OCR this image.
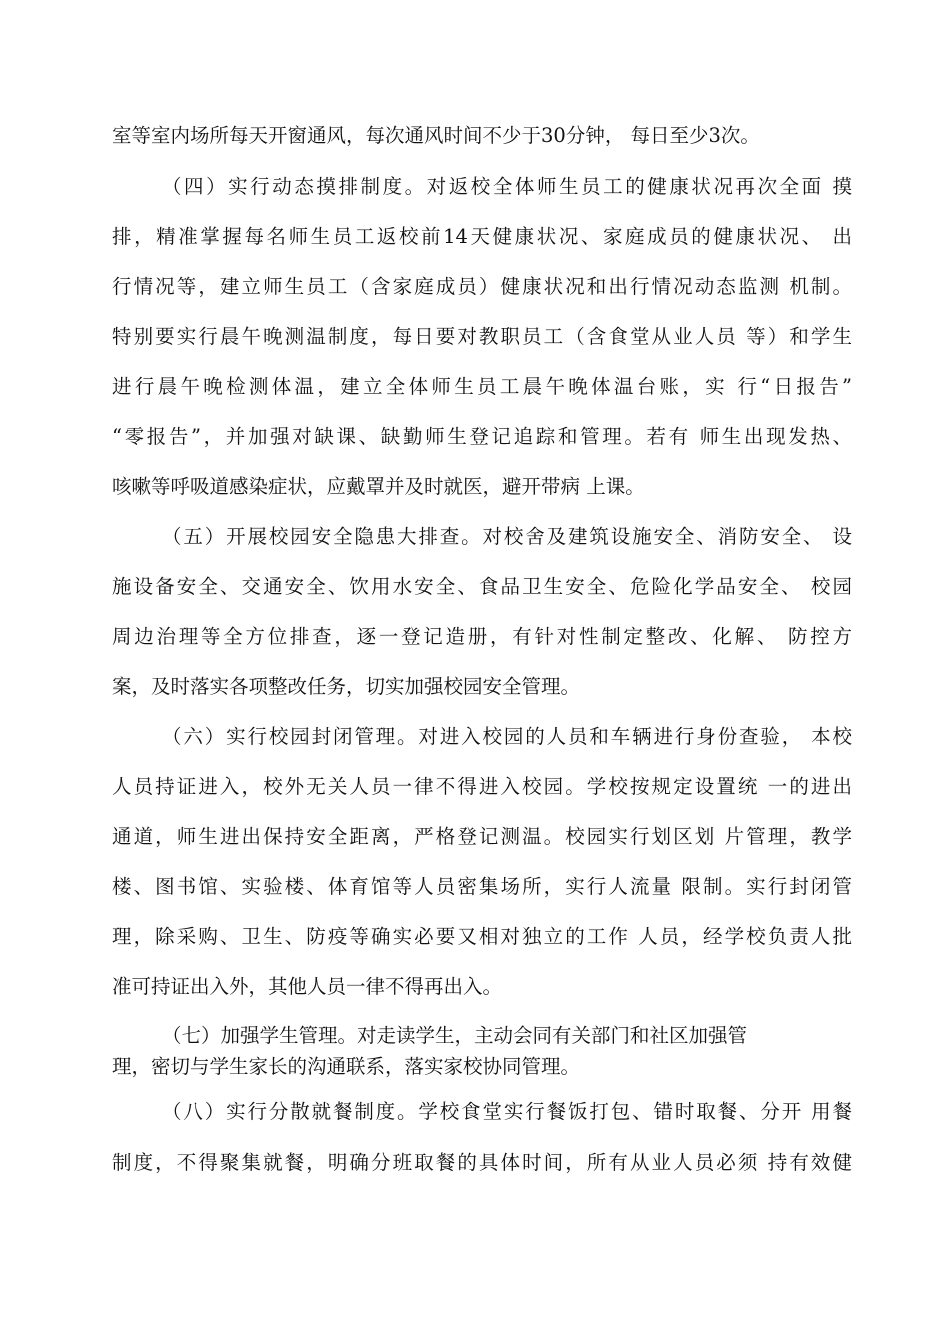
室等室内场所每天开窗通风，每次通风时间不少于30分钟， 每日至少3次。
（四）实行动态摸排制度。对返校全体师生员工的健康状况再次全面 摸
排，精准掌握每名师生员工返校前14天健康状况、家庭成员的健康状况、 出
行情况等，建立师生员工（含家庭成员）健康状况和出行情况动态监测 机制。
特别要实行晨午晚测温制度，每日要对教职员工（含食堂从业人员 等）和学生
进行晨午晚检测体温，建立全体师生员工晨午晚体温台账，实 行“日报告”
“零报告”，并加强对缺课、缺勤师生登记追踪和管理。若有 师生出现发热、
咳嗽等呼吸道感染症状，应戴罩并及时就医，避开带病 上课。
（五）开展校园安全隐患大排查。对校舍及建筑设施安全、消防安全、 设
施设备安全、交通安全、饮用水安全、食品卫生安全、危险化学品安全、 校园
周边治理等全方位排查，逐一登记造册，有针对性制定整改、化解、 防控方
案，及时落实各项整改任务，切实加强校园安全管理。
（六）实行校园封闭管理。对进入校园的人员和车辆进行身份查验， 本校
人员持证进入，校外无关人员一律不得进入校园。学校按规定设置统 一的进出
通道，师生进出保持安全距离，严格登记测温。校园实行划区划 片管理，教学
楼、图书馆、实验楼、体育馆等人员密集场所，实行人流量 限制。实行封闭管
理，除采购、卫生、防疫等确实必要又相对独立的工作 人员，经学校负责人批
准可持证出入外，其他人员一律不得再出入。
（七）加强学生管理。对走读学生，主动会同有关部门和社区加强管
理，密切与学生家长的沟通联系，落实家校协同管理。
（八）实行分散就餐制度。学校食堂实行餐饭打包、错时取餐、分开 用餐
制度，不得聚集就餐，明确分班取餐的具体时间，所有从业人员必须 持有效健
